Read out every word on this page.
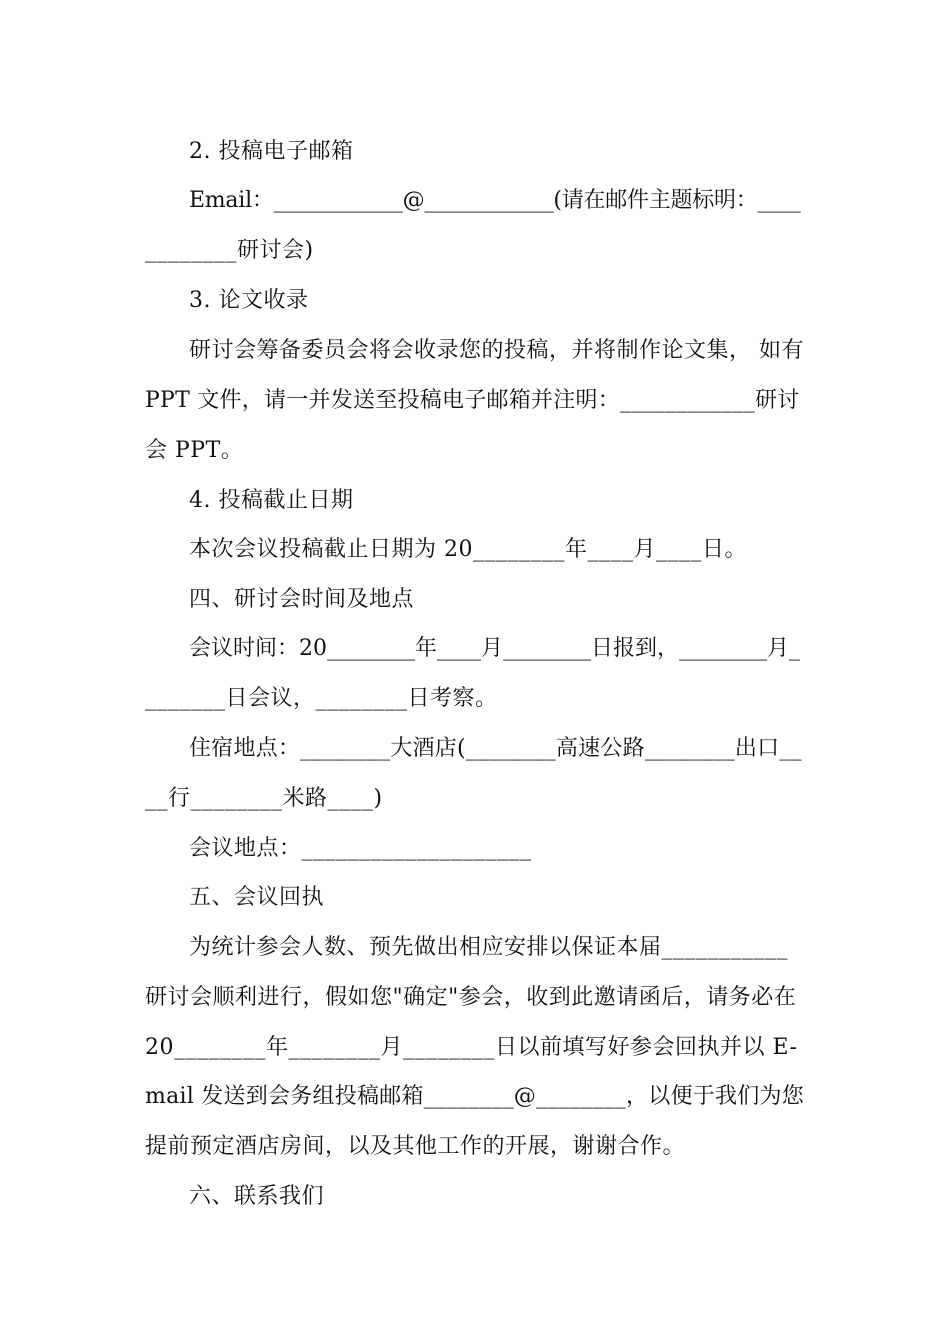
2. 投稿电子邮箱
Email：____________@____________(请在邮件主题标明：____
________研讨会)
3. 论文收录
研讨会筹备委员会将会收录您的投稿，并将制作论文集， 如有
PPT 文件，请一并发送至投稿电子邮箱并注明：____________研讨
会 PPT。
4. 投稿截止日期
本次会议投稿截止日期为 20________年____月____日。
四、研讨会时间及地点
会议时间：20________年____月________日报到，________月_
_______日会议，________日考察。
住宿地点：________大酒店(________高速公路________出口__
__行________米路____)
会议地点：____________________
五、会议回执
为统计参会人数、预先做出相应安排以保证本届___________
研讨会顺利进行，假如您"确定"参会，收到此邀请函后，请务必在
20________年________月________日以前填写好参会回执并以 E-
mail 发送到会务组投稿邮箱________@________，以便于我们为您
提前预定酒店房间，以及其他工作的开展，谢谢合作。
六、联系我们
